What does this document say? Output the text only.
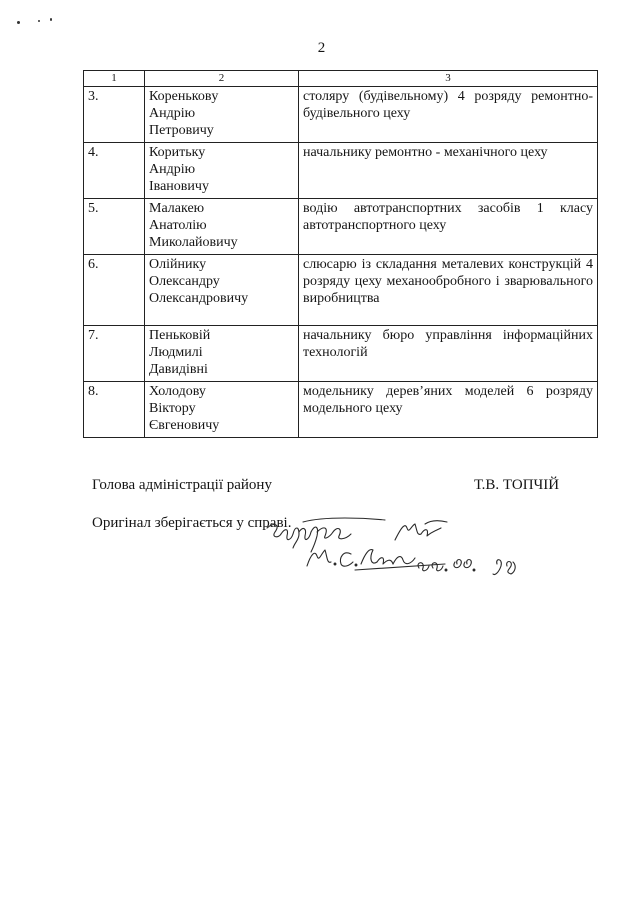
2
1	2	3
3.	Кореньковy
Андрію
Петровичу	столяру (будівельному) 4 розряду ремонтно-будівельного цеху
4.	Коритьку
Андрію
Івановичу	начальнику ремонтно - механічного цеху
5.	Малакею
Анатолію
Миколайовичу	водію автотранспортних засобів 1 класу автотранспортного цеху
6.	Олійнику
Олександру
Олександровичу	слюсарю із складання металевих конструкцій 4 розряду цеху механообробного і зварювального виробництва
7.	Пеньковій
Людмилі
Давидівні	начальнику бюро управління інформаційних технологій
8.	Холодову
Віктору
Євгеновичу	модельнику дерев’яних моделей 6 розряду модельного цеху
Голова адміністрації району	Т.В. ТОПЧІЙ
Оригінал зберігається у справі.
